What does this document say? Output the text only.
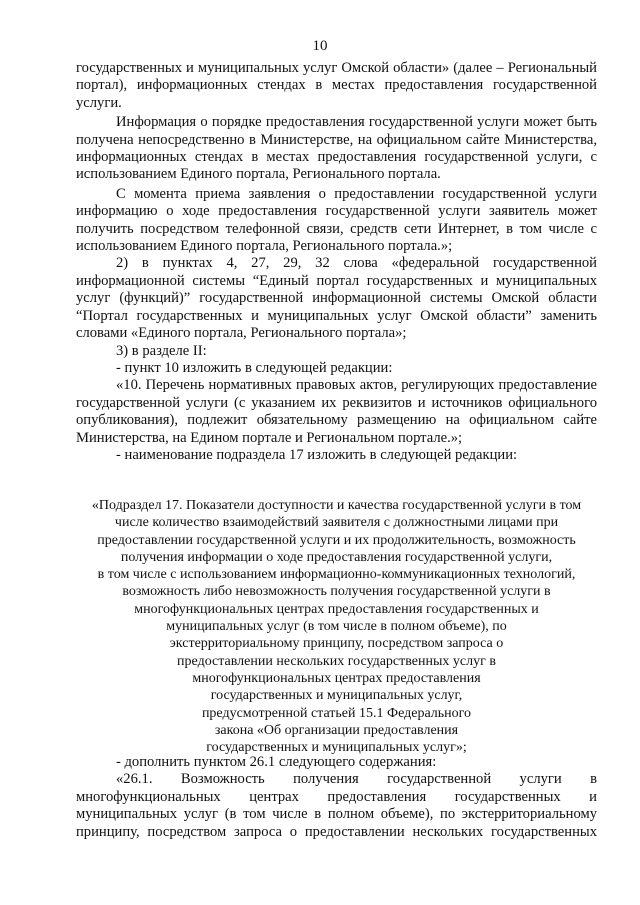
10

государственных и муниципальных услуг Омской области» (далее – Региональный портал), информационных стендах в местах предоставления государственной услуги.

Информация о порядке предоставления государственной услуги может быть получена непосредственно в Министерстве, на официальном сайте Министерства, информационных стендах в местах предоставления государственной услуги, с использованием Единого портала, Регионального портала.

С момента приема заявления о предоставлении государственной услуги информацию о ходе предоставления государственной услуги заявитель может получить посредством телефонной связи, средств сети Интернет, в том числе с использованием Единого портала, Регионального портала.»;

2) в пунктах 4, 27, 29, 32 слова «федеральной государственной информационной системы “Единый портал государственных и муниципальных услуг (функций)” государственной информационной системы Омской области “Портал государственных и муниципальных услуг Омской области” заменить словами «Единого портала, Регионального портала»;

3) в разделе II:

- пункт 10 изложить в следующей редакции:

«10. Перечень нормативных правовых актов, регулирующих предоставление государственной услуги (с указанием их реквизитов и источников официального опубликования), подлежит обязательному размещению на официальном сайте Министерства, на Едином портале и Региональном портале.»;

- наименование подраздела 17 изложить в следующей редакции:

«Подраздел 17. Показатели доступности и качества государственной услуги в том
числе количество взаимодействий заявителя с должностными лицами при
предоставлении государственной услуги и их продолжительность, возможность
получения информации о ходе предоставления государственной услуги,
в том числе с использованием информационно-коммуникационных технологий,
возможность либо невозможность получения государственной услуги в
многофункциональных центрах предоставления государственных и
муниципальных услуг (в том числе в полном объеме), по
экстерриториальному принципу, посредством запроса о
предоставлении нескольких государственных услуг в
многофункциональных центрах предоставления
государственных и муниципальных услуг,
предусмотренной статьей 15.1 Федерального
закона «Об организации предоставления
государственных и муниципальных услуг»;

- дополнить пунктом 26.1 следующего содержания:

«26.1. Возможность получения государственной услуги в многофункциональных центрах предоставления государственных и муниципальных услуг (в том числе в полном объеме), по экстерриториальному принципу, посредством запроса о предоставлении нескольких государственных
